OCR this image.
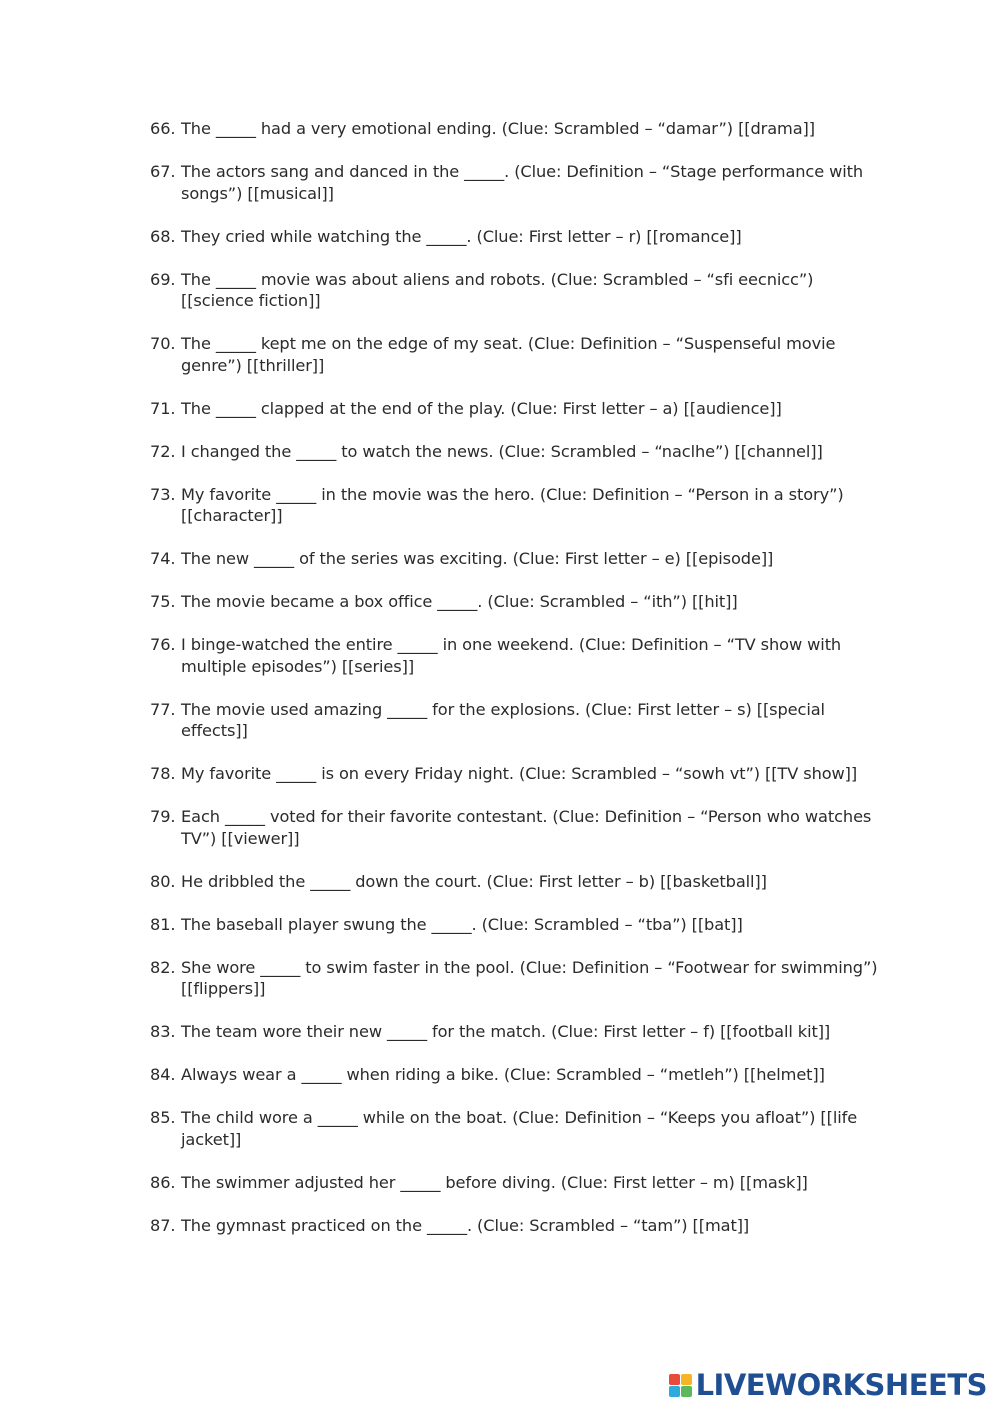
66. The _____ had a very emotional ending. (Clue: Scrambled – “damar”) [[drama]]
67. The actors sang and danced in the _____. (Clue: Definition – “Stage performance with songs”) [[musical]]
68. They cried while watching the _____. (Clue: First letter – r) [[romance]]
69. The _____ movie was about aliens and robots. (Clue: Scrambled – “sfi eecnicc”) [[science fiction]]
70. The _____ kept me on the edge of my seat. (Clue: Definition – “Suspenseful movie genre”) [[thriller]]
71. The _____ clapped at the end of the play. (Clue: First letter – a) [[audience]]
72. I changed the _____ to watch the news. (Clue: Scrambled – “naclhe”) [[channel]]
73. My favorite _____ in the movie was the hero. (Clue: Definition – “Person in a story”) [[character]]
74. The new _____ of the series was exciting. (Clue: First letter – e) [[episode]]
75. The movie became a box office _____. (Clue: Scrambled – “ith”) [[hit]]
76. I binge-watched the entire _____ in one weekend. (Clue: Definition – “TV show with multiple episodes”) [[series]]
77. The movie used amazing _____ for the explosions. (Clue: First letter – s) [[special effects]]
78. My favorite _____ is on every Friday night. (Clue: Scrambled – “sowh vt”) [[TV show]]
79. Each _____ voted for their favorite contestant. (Clue: Definition – “Person who watches TV”) [[viewer]]
80. He dribbled the _____ down the court. (Clue: First letter – b) [[basketball]]
81. The baseball player swung the _____. (Clue: Scrambled – “tba”) [[bat]]
82. She wore _____ to swim faster in the pool. (Clue: Definition – “Footwear for swimming”) [[flippers]]
83. The team wore their new _____ for the match. (Clue: First letter – f) [[football kit]]
84. Always wear a _____ when riding a bike. (Clue: Scrambled – “metleh”) [[helmet]]
85. The child wore a _____ while on the boat. (Clue: Definition – “Keeps you afloat”) [[life jacket]]
86. The swimmer adjusted her _____ before diving. (Clue: First letter – m) [[mask]]
87. The gymnast practiced on the _____. (Clue: Scrambled – “tam”) [[mat]]
LIVEWORKSHEETS
